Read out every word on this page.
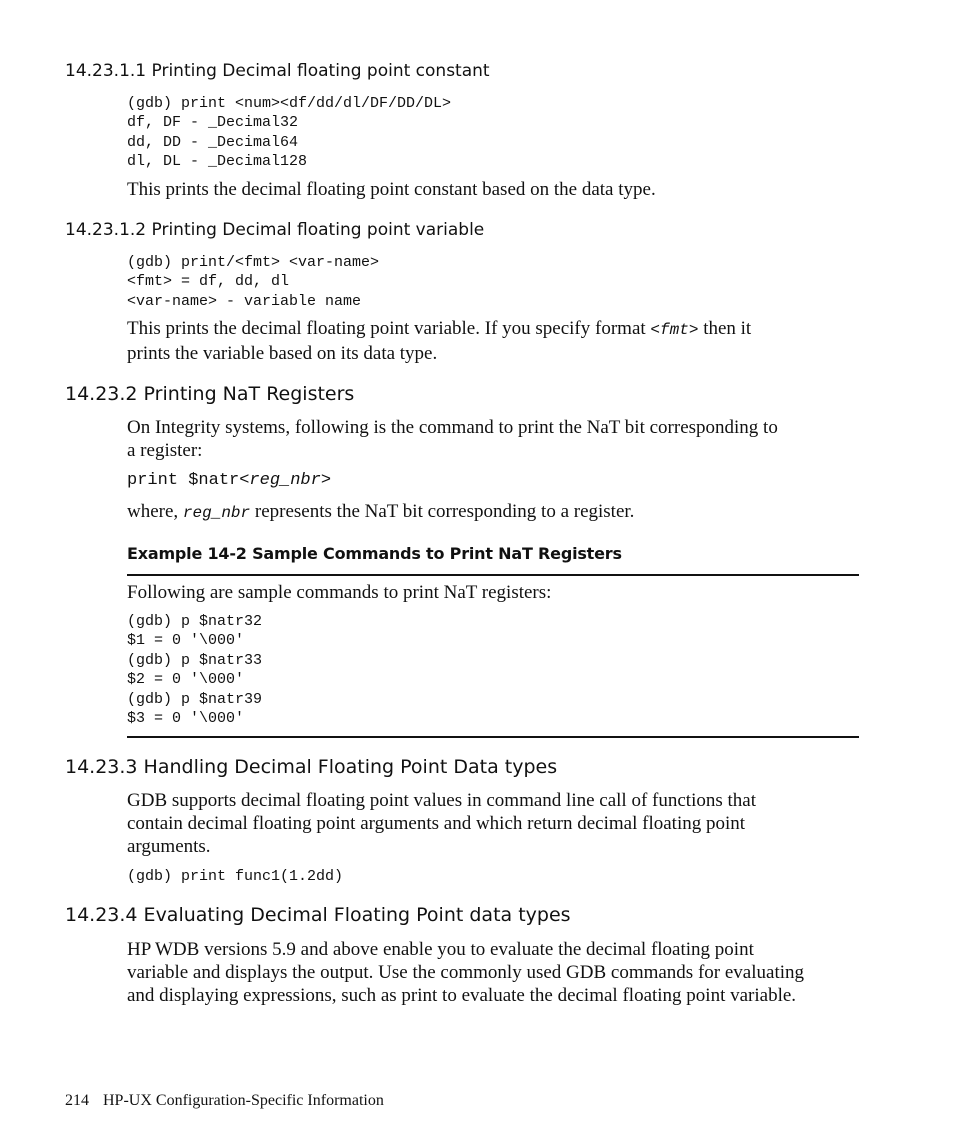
14.23.1.1 Printing Decimal floating point constant
(gdb) print <num><df/dd/dl/DF/DD/DL>
df, DF - _Decimal32
dd, DD - _Decimal64
dl, DL - _Decimal128

This prints the decimal floating point constant based on the data type.

14.23.1.2 Printing Decimal floating point variable
(gdb) print/<fmt> <var-name>
<fmt> = df, dd, dl
<var-name> - variable name

This prints the decimal floating point variable. If you specify format <fmt> then it
prints the variable based on its data type.

14.23.2 Printing NaT Registers

On Integrity systems, following is the command to print the NaT bit corresponding to
a register:

print $natr<reg_nbr>

where, reg_nbr represents the NaT bit corresponding to a register.

Example 14-2 Sample Commands to Print NaT Registers

Following are sample commands to print NaT registers:

(gdb) p $natr32
$1 = 0 '\000'
(gdb) p $natr33
$2 = 0 '\000'
(gdb) p $natr39
$3 = 0 '\000'
14.23.3 Handling Decimal Floating Point Data types

GDB supports decimal floating point values in command line call of functions that
contain decimal floating point arguments and which return decimal floating point
arguments.

(gdb) print func1(1.2dd)
14.23.4 Evaluating Decimal Floating Point data types

HP WDB versions 5.9 and above enable you to evaluate the decimal floating point
variable and displays the output. Use the commonly used GDB commands for evaluating
and displaying expressions, such as print to evaluate the decimal floating point variable.

214 HP-UX Configuration-Specific Information
